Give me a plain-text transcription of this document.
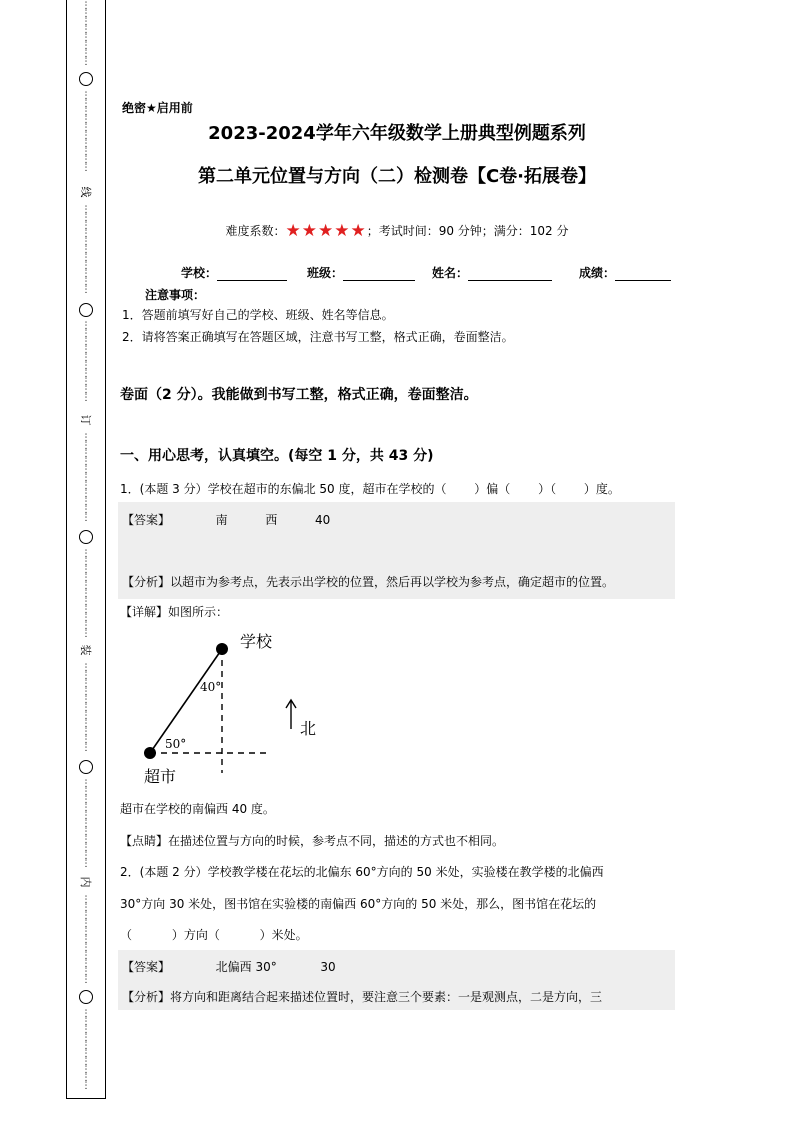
⋮
⋮
⋮
⋮
⋮
⋮
⋮
⋮
⋮
⋮
⋮
⋮
⋮
⋮
⋮
⋮
⋮
⋮
线
⋮
⋮
⋮
⋮
⋮
⋮
⋮
⋮
⋮
⋮
⋮
⋮
⋮
⋮
⋮
⋮
⋮
⋮
⋮
⋮
⋮
订
⋮
⋮
⋮
⋮
⋮
⋮
⋮
⋮
⋮
⋮
⋮
⋮
⋮
⋮
⋮
⋮
⋮
⋮
⋮
⋮
⋮
⋮
装
⋮
⋮
⋮
⋮
⋮
⋮
⋮
⋮
⋮
⋮
⋮
⋮
⋮
⋮
⋮
⋮
⋮
⋮
⋮
⋮
⋮
⋮
内
⋮
⋮
⋮
⋮
⋮
⋮
⋮
⋮
⋮
⋮
⋮
⋮
⋮
⋮
⋮
⋮
⋮
⋮
⋮
⋮
⋮
绝密★启用前
2023-2024学年六年级数学上册典型例题系列
第二单元位置与方向（二）检测卷【C卷·拓展卷】
难度系数：★★★★★；考试时间：90 分钟；满分：102 分
学校：	班级：	姓名：	成绩：
注意事项：
1．答题前填写好自己的学校、班级、姓名等信息。
2．请将答案正确填写在答题区域，注意书写工整，格式正确，卷面整洁。
卷面（2 分）。我能做到书写工整，格式正确，卷面整洁。
一、用心思考，认真填空。(每空 1 分，共 43 分)
1．(本题 3 分）学校在超市的东偏北 50 度，超市在学校的（　　 ）偏（　　 ）（　　 ）度。
【答案】	南	西	40
【分析】以超市为参考点，先表示出学校的位置，然后再以学校为参考点，确定超市的位置。
【详解】如图所示：
学校
超市
北
40°
50°
超市在学校的南偏西 40 度。
【点睛】在描述位置与方向的时候，参考点不同，描述的方式也不相同。
2．(本题 2 分）学校教学楼在花坛的北偏东 60°方向的 50 米处，实验楼在教学楼的北偏西
30°方向 30 米处，图书馆在实验楼的南偏西 60°方向的 50 米处，那么，图书馆在花坛的
（　　　 ）方向（　　　 ）米处。
【答案】	北偏西 30°	30
【分析】将方向和距离结合起来描述位置时，要注意三个要素：一是观测点，二是方向，三
